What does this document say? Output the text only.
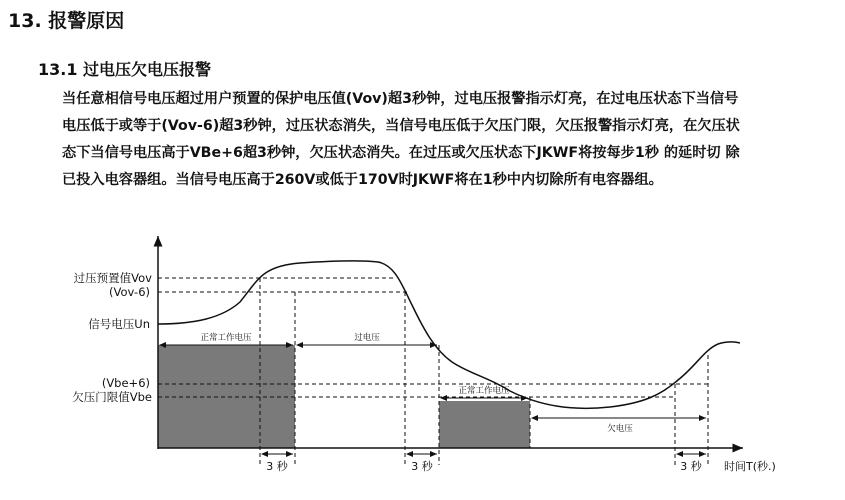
13. 报警原因
13.1 过电压欠电压报警
当任意相信号电压超过用户预置的保护电压值(Vov)超3秒钟，过电压报警指示灯亮，在过电压状态下当信号
电压低于或等于(Vov-6)超3秒钟，过压状态消失，当信号电压低于欠压门限，欠压报警指示灯亮，在欠压状
态下当信号电压高于VBe+6超3秒钟，欠压状态消失。在过压或欠压状态下JKWF将按每步1秒 的延时切 除
已投入电容器组。当信号电压高于260V或低于170V时JKWF将在1秒中内切除所有电容器组。
过压预置值Vov
(Vov-6)
信号电压Un
(Vbe+6)
欠压门限值Vbe
正常工作电压	过电压
正常工作电压
欠电压
3 秒	3 秒	3 秒 时间T(秒.)
